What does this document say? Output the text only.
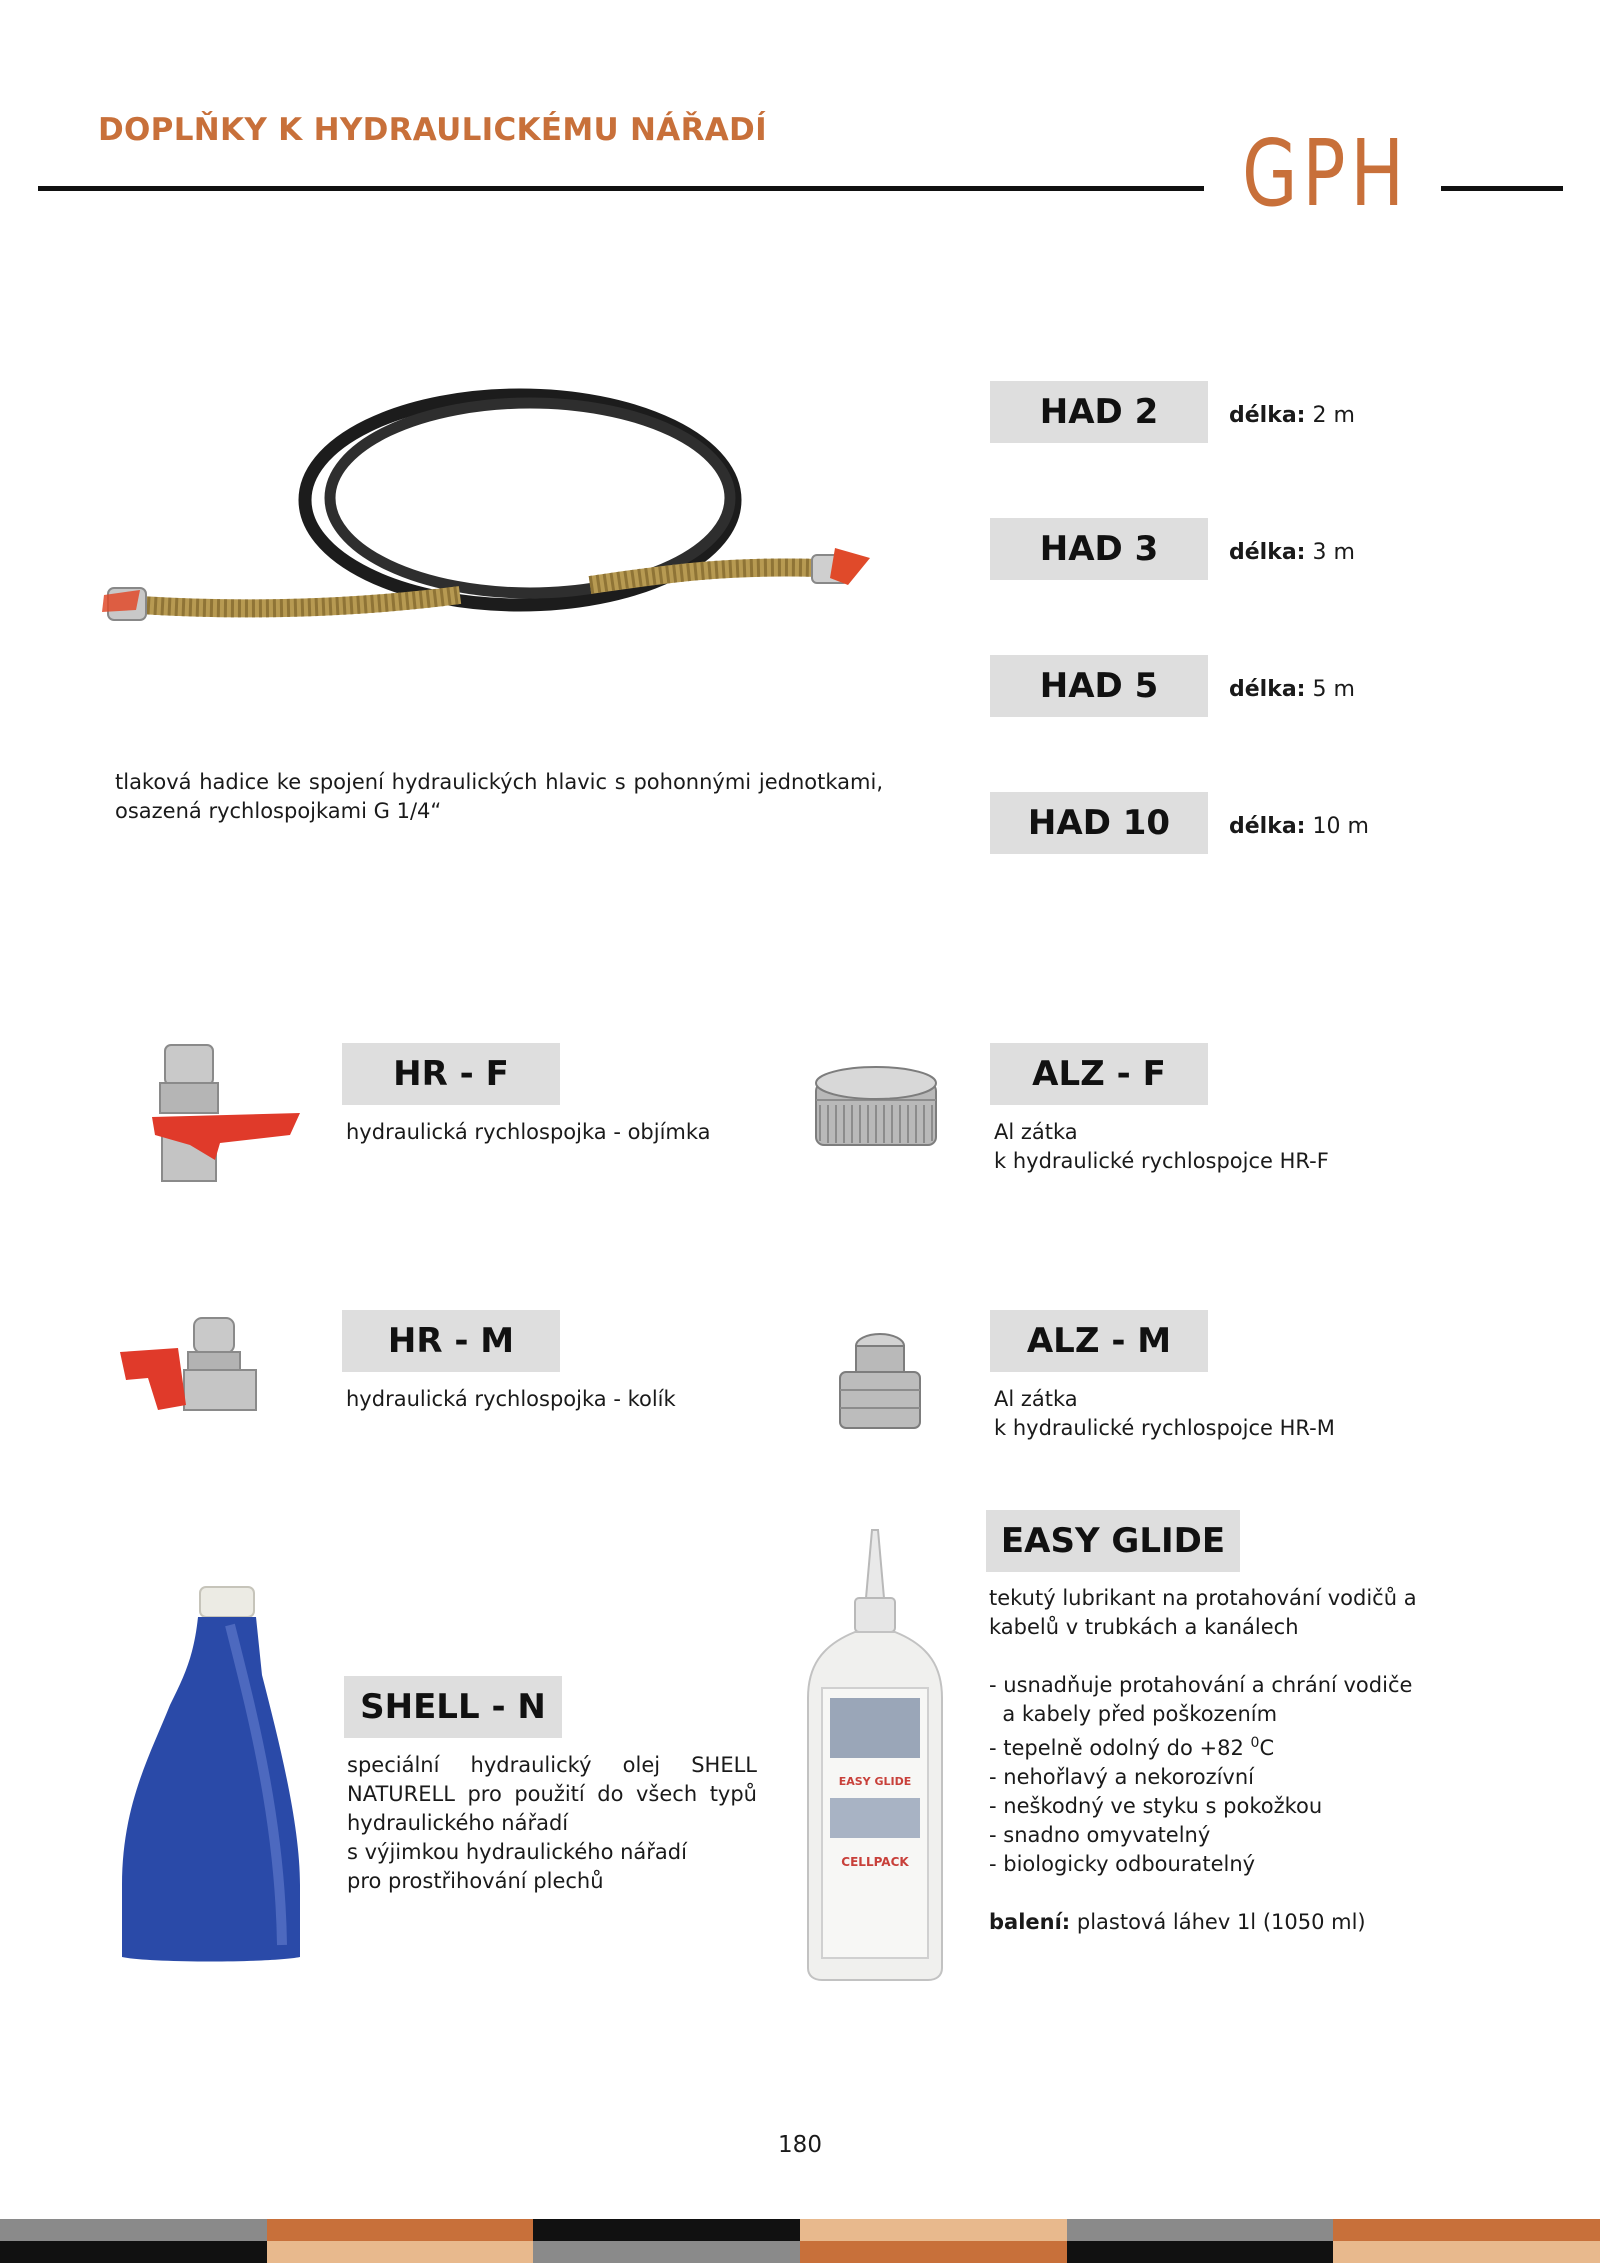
DOPLŇKY K HYDRAULICKÉMU NÁŘADÍ	GPH
tlaková hadice ke spojení hydraulických hlavic s pohonnými jednotkami, osazená rychlospojkami G 1/4“
HAD 2	délka: 2 m
HAD 3	délka: 3 m
HAD 5	délka: 5 m
HAD 10	délka: 10 m
HR - F
hydraulická rychlospojka - objímka
ALZ - F
Al zátka
k hydraulické rychlospojce HR-F
HR - M
hydraulická rychlospojka - kolík
ALZ - M
Al zátka
k hydraulické rychlospojce HR-M
SHELL - N
speciální hydraulický olej SHELL NATURELL pro použití do všech typů hydraulického nářadí
s výjimkou hydraulického nářadí
pro prostřihování plechů
EASY GLIDE
CELLPACK
EASY GLIDE
tekutý lubrikant na protahování vodičů a
kabelů v trubkách a kanálech
- usnadňuje protahování a chrání vodiče
a kabely před poškozením
- tepelně odolný do +82 $^0$C
- nehořlavý a nekorozívní
- neškodný ve styku s pokožkou
- snadno omyvatelný
- biologicky odbouratelný
balení: plastová láhev 1l (1050 ml)
180
